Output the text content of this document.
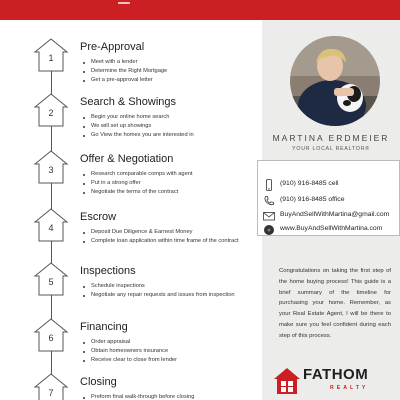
MARTINA ERDMEIER
YOUR LOCAL REALTOR®
(910) 916-8485 cell
(910) 916-8485 office
BuyAndSellWithMartina@gmail.com
www.BuyAndSellWithMartina.com
Congratulations on taking the first step of the home buying process! This guide is a brief summary of the timeline for purchasing your home. Remember, as your Real Estate Agent, I will be there to make sure you feel confident during each step of this process.
FATHOM
REALTY
1
Pre-Approval
Meet with a lender
Determine the Right Mortgage
Get a pre-approval letter
2
Search & Showings
Begin your online home search
We will set up showings
Go View the homes you are interested in
3
Offer & Negotiation
Research comparable comps with agent
Put in a strong offer
Negotiate the terms of the contract
4
Escrow
Deposit Due Diligence & Earnest Money
Complete loan application within time frame of the contract
5
Inspections
Schedule inspections
Negotiate any repair requests and issues from inspection
6
Financing
Order appraisal
Obtain homeowners insurance
Receive clear to close from lender
7
Closing
Preform final walk-through before closing
